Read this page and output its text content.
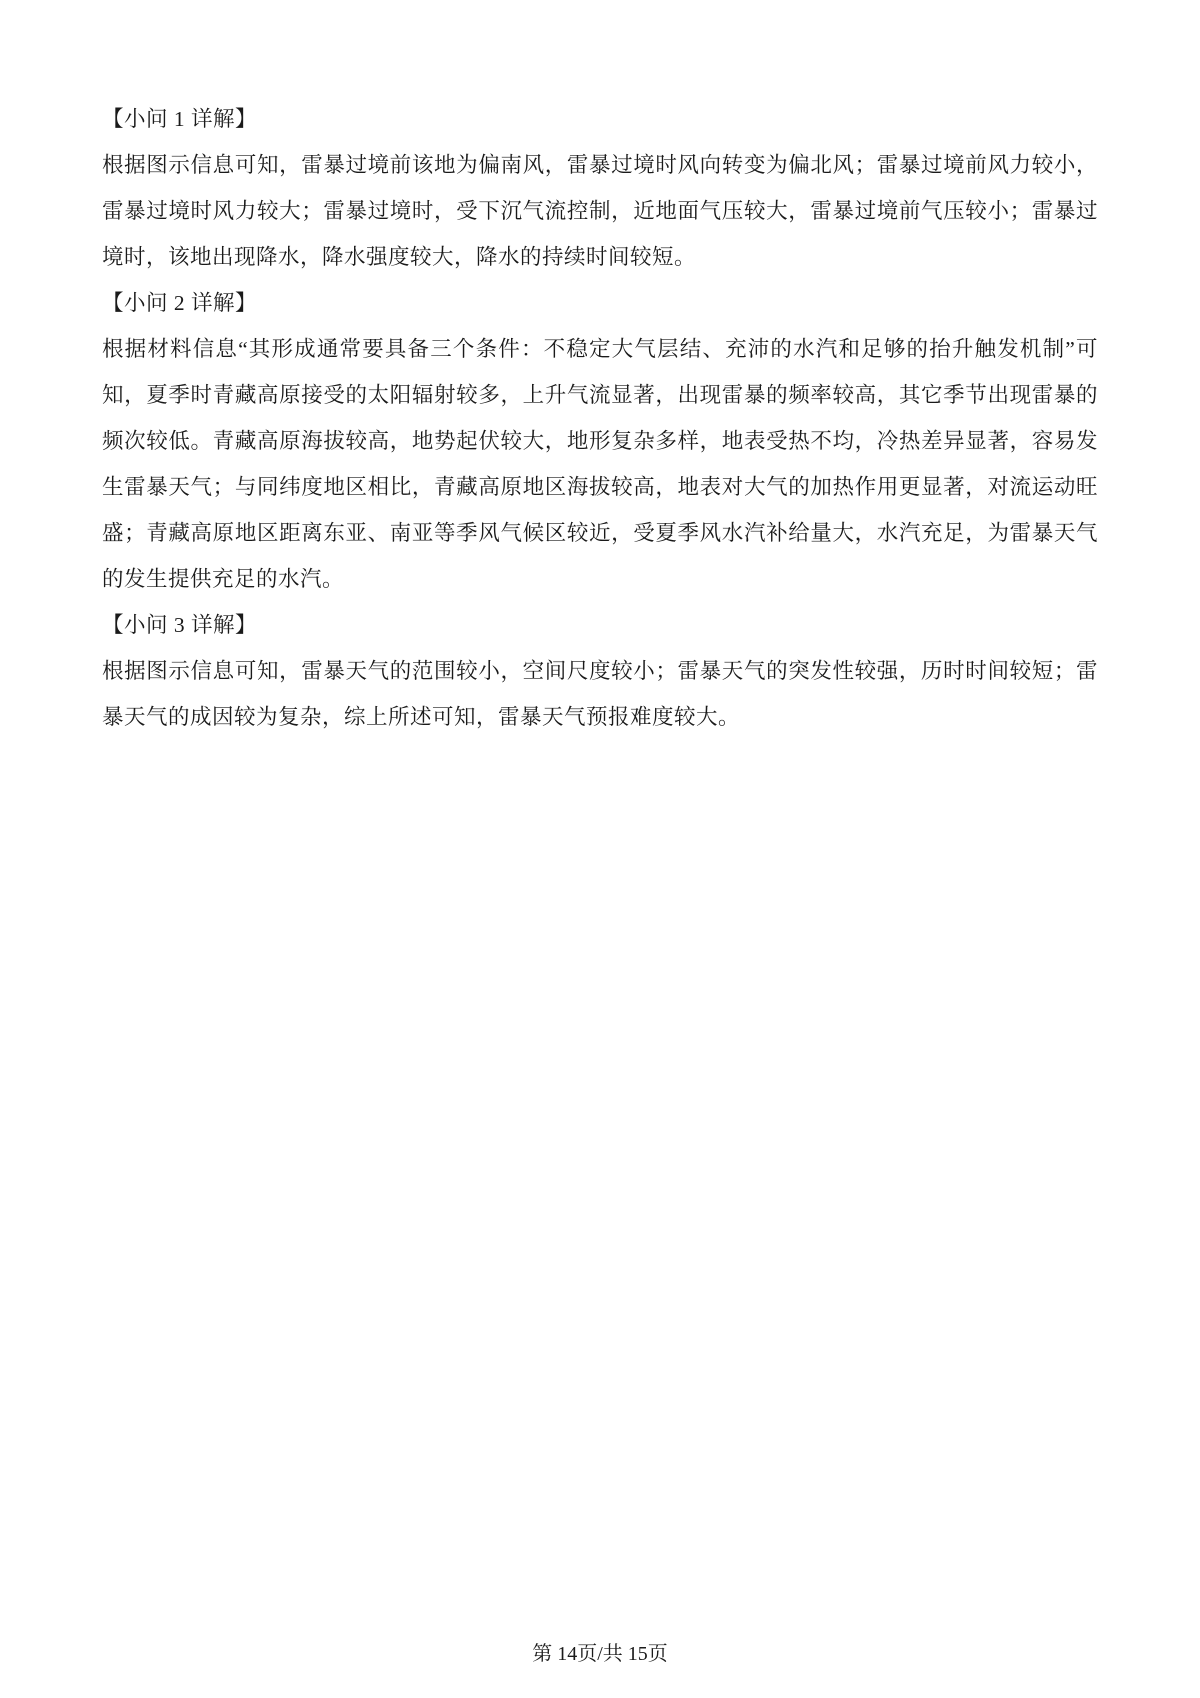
【小问 1 详解】

根据图示信息可知，雷暴过境前该地为偏南风，雷暴过境时风向转变为偏北风；雷暴过境前风力较小，雷暴过境时风力较大；雷暴过境时，受下沉气流控制，近地面气压较大，雷暴过境前气压较小；雷暴过境时，该地出现降水，降水强度较大，降水的持续时间较短。

【小问 2 详解】

根据材料信息“其形成通常要具备三个条件：不稳定大气层结、充沛的水汽和足够的抬升触发机制”可知，夏季时青藏高原接受的太阳辐射较多，上升气流显著，出现雷暴的频率较高，其它季节出现雷暴的频次较低。青藏高原海拔较高，地势起伏较大，地形复杂多样，地表受热不均，冷热差异显著，容易发生雷暴天气；与同纬度地区相比，青藏高原地区海拔较高，地表对大气的加热作用更显著，对流运动旺盛；青藏高原地区距离东亚、南亚等季风气候区较近，受夏季风水汽补给量大，水汽充足，为雷暴天气的发生提供充足的水汽。

【小问 3 详解】

根据图示信息可知，雷暴天气的范围较小，空间尺度较小；雷暴天气的突发性较强，历时时间较短；雷暴天气的成因较为复杂，综上所述可知，雷暴天气预报难度较大。

第 14页/共 15页
